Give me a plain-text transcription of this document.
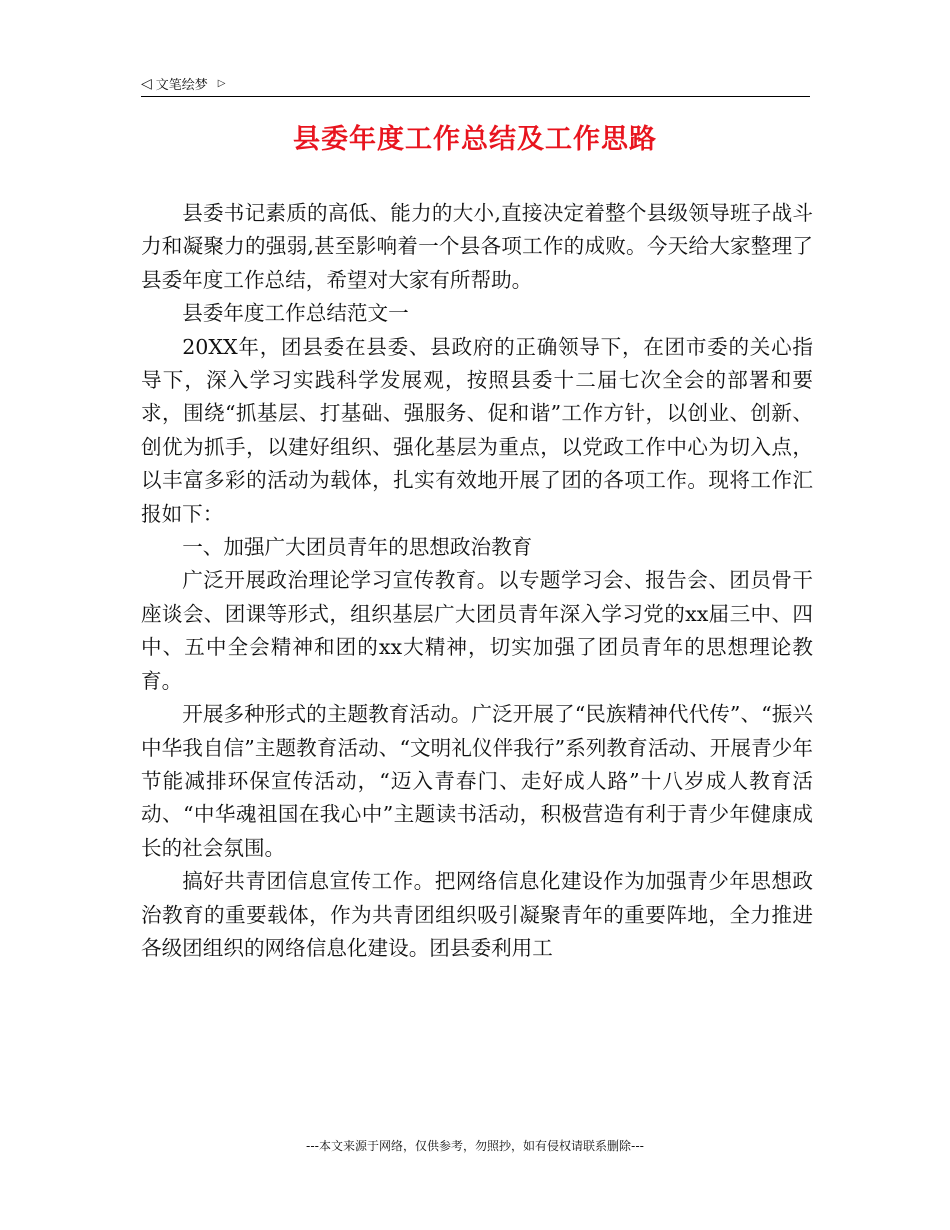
◁ 文笔绘梦 ▷
县委年度工作总结及工作思路

县委书记素质的高低、能力的大小,直接决定着整个县级领导班子战斗力和凝聚力的强弱,甚至影响着一个县各项工作的成败。今天给大家整理了县委年度工作总结，希望对大家有所帮助。

县委年度工作总结范文一

20XX年，团县委在县委、县政府的正确领导下，在团市委的关心指导下，深入学习实践科学发展观，按照县委十二届七次全会的部署和要求，围绕“抓基层、打基础、强服务、促和谐”工作方针，以创业、创新、创优为抓手，以建好组织、强化基层为重点，以党政工作中心为切入点，以丰富多彩的活动为载体，扎实有效地开展了团的各项工作。现将工作汇报如下：

一、加强广大团员青年的思想政治教育

广泛开展政治理论学习宣传教育。以专题学习会、报告会、团员骨干座谈会、团课等形式，组织基层广大团员青年深入学习党的xx届三中、四中、五中全会精神和团的xx大精神，切实加强了团员青年的思想理论教育。

开展多种形式的主题教育活动。广泛开展了“民族精神代代传”、“振兴中华我自信”主题教育活动、“文明礼仪伴我行”系列教育活动、开展青少年节能减排环保宣传活动，“迈入青春门、走好成人路”十八岁成人教育活动、“中华魂祖国在我心中”主题读书活动，积极营造有利于青少年健康成长的社会氛围。

搞好共青团信息宣传工作。把网络信息化建设作为加强青少年思想政治教育的重要载体，作为共青团组织吸引凝聚青年的重要阵地，全力推进各级团组织的网络信息化建设。团县委利用工

---本文来源于网络，仅供参考，勿照抄，如有侵权请联系删除---
